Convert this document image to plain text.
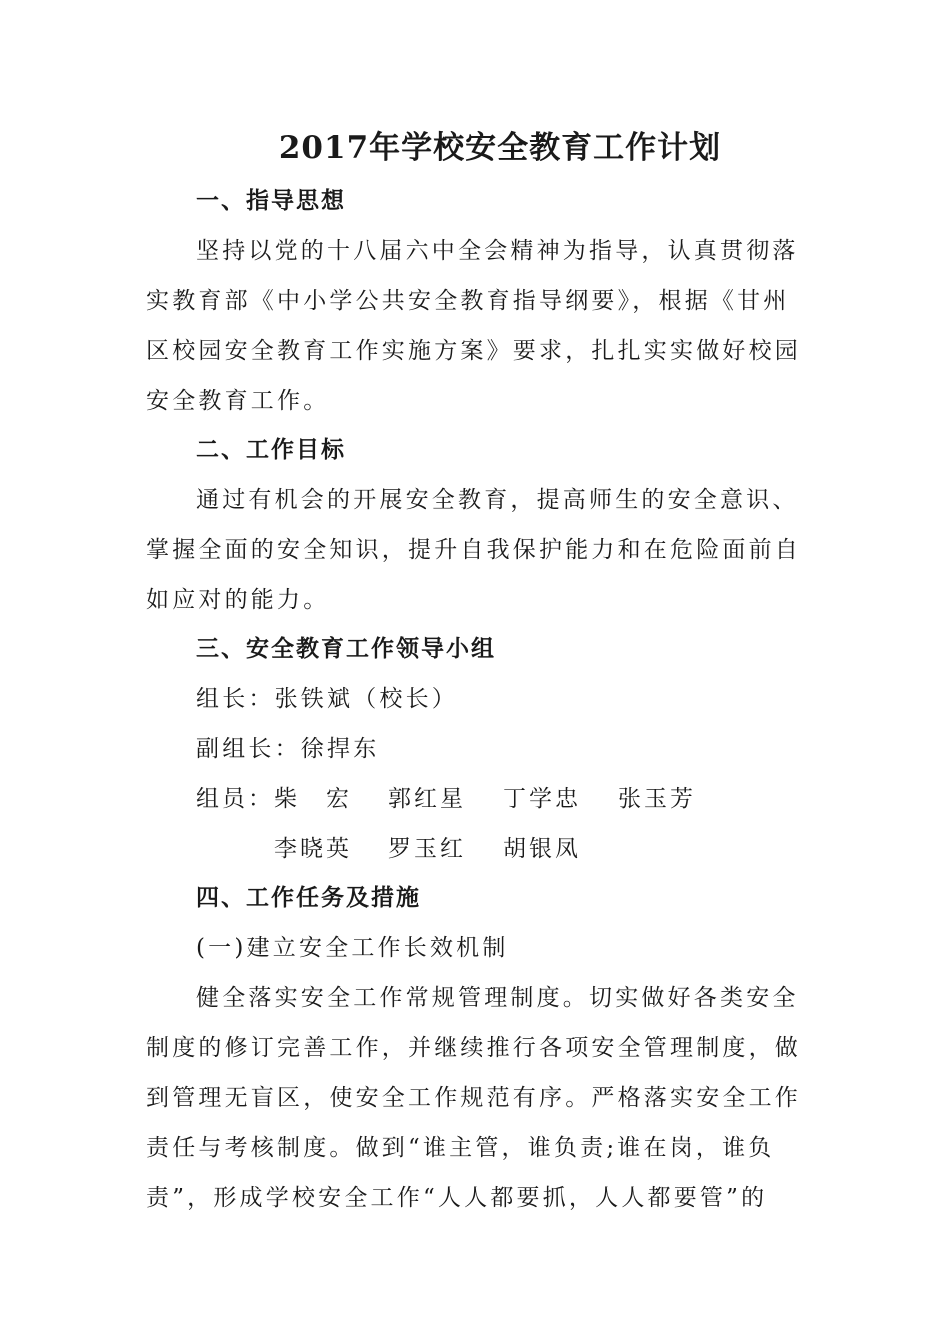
2017年学校安全教育工作计划
一、指导思想
坚持以党的十八届六中全会精神为指导，认真贯彻落
实教育部《中小学公共安全教育指导纲要》，根据《甘州
区校园安全教育工作实施方案》要求，扎扎实实做好校园
安全教育工作。
二、工作目标
通过有机会的开展安全教育，提高师生的安全意识、
掌握全面的安全知识，提升自我保护能力和在危险面前自
如应对的能力。
三、安全教育工作领导小组
组长：张铁斌（校长）
副组长：徐捍东
组员： 柴　宏 郭红星 丁学忠 张玉芳
李晓英 罗玉红 胡银凤
四、工作任务及措施
(一)建立安全工作长效机制
健全落实安全工作常规管理制度。切实做好各类安全
制度的修订完善工作，并继续推行各项安全管理制度，做
到管理无盲区，使安全工作规范有序。严格落实安全工作
责任与考核制度。做到“谁主管，谁负责;谁在岗，谁负
责”，形成学校安全工作“人人都要抓，人人都要管”的
